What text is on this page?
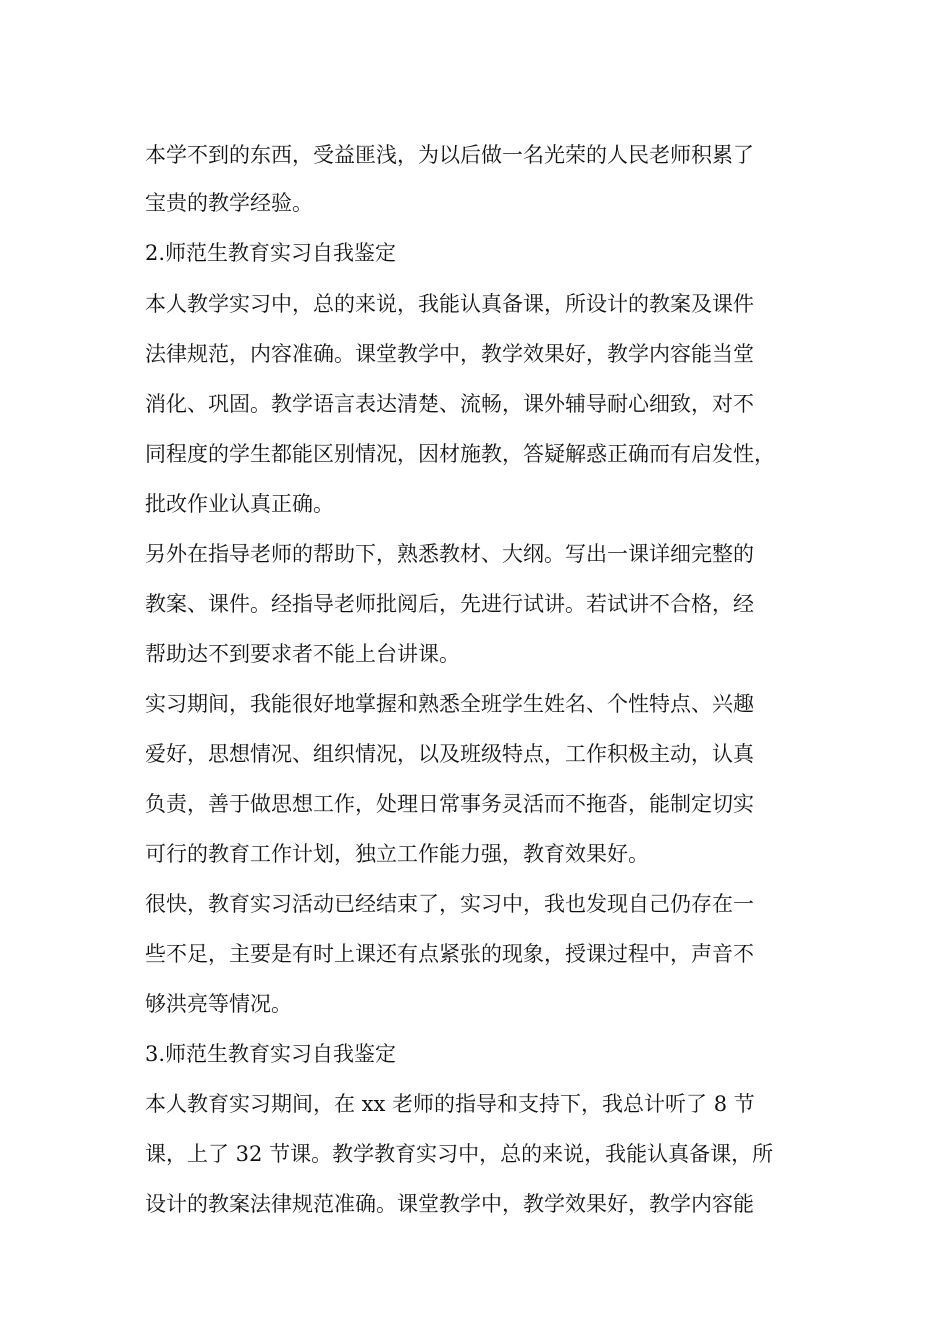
本学不到的东西，受益匪浅，为以后做一名光荣的人民老师积累了
宝贵的教学经验。
2.师范生教育实习自我鉴定
本人教学实习中，总的来说，我能认真备课，所设计的教案及课件
法律规范，内容准确。课堂教学中，教学效果好，教学内容能当堂
消化、巩固。教学语言表达清楚、流畅，课外辅导耐心细致，对不
同程度的学生都能区别情况，因材施教，答疑解惑正确而有启发性，
批改作业认真正确。
另外在指导老师的帮助下，熟悉教材、大纲。写出一课详细完整的
教案、课件。经指导老师批阅后，先进行试讲。若试讲不合格，经
帮助达不到要求者不能上台讲课。
实习期间，我能很好地掌握和熟悉全班学生姓名、个性特点、兴趣
爱好，思想情况、组织情况，以及班级特点，工作积极主动，认真
负责，善于做思想工作，处理日常事务灵活而不拖沓，能制定切实
可行的教育工作计划，独立工作能力强，教育效果好。
很快，教育实习活动已经结束了，实习中，我也发现自己仍存在一
些不足，主要是有时上课还有点紧张的现象，授课过程中，声音不
够洪亮等情况。
3.师范生教育实习自我鉴定
本人教育实习期间，在 xx 老师的指导和支持下，我总计听了 8 节
课，上了 32 节课。教学教育实习中，总的来说，我能认真备课，所
设计的教案法律规范准确。课堂教学中，教学效果好，教学内容能
